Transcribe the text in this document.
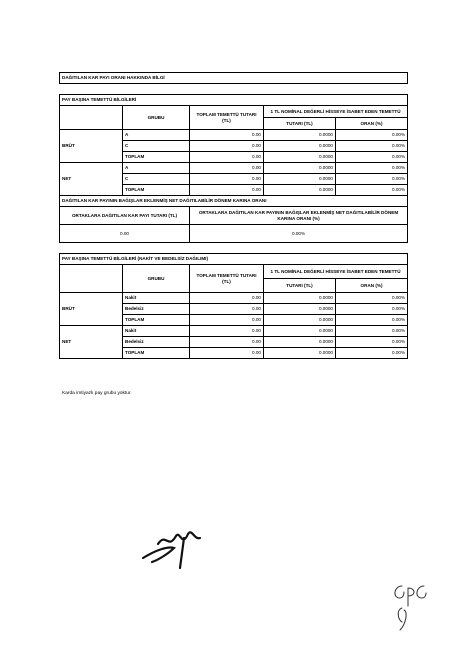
DAĞITILAN KAR PAYI ORANI HAKKINDA BİLGİ				

PAY BAŞINA TEMETTÜ BİLGİLERİ				
	GRUBU	TOPLAM TEMETTÜ TUTARI (TL)	1 TL NOMİNAL DEĞERLİ HİSSEYE İSABET EDEN TEMETTÜ	
			TUTARI (TL)	ORAN (%)
BRÜT	A	0.00	0.0000	0.00%
	C	0.00	0.0000	0.00%
	TOPLAM	0.00	0.0000	0.00%
NET	A	0.00	0.0000	0.00%
	C	0.00	0.0000	0.00%
	TOPLAM	0.00	0.0000	0.00%
DAĞITILAN KAR PAYININ BAĞIŞLAR EKLENMİŞ NET DAĞITILABİLİR DÖNEM KARINA ORANI				
ORTAKLARA DAĞITILAN KAR PAYI TUTARI (TL)		ORTAKLARA DAĞITILAN KAR PAYININ BAĞIŞLAR EKLENMİŞ NET DAĞITILABİLİR DÖNEM KARINA ORANI (%)		
0.00		0.00%		
PAY BAŞINA TEMETTÜ BİLGİLERİ (NAKİT VE BEDELSİZ DAĞILIMI)				
	GRUBU	TOPLAM TEMETTÜ TUTARI (TL)	1 TL NOMİNAL DEĞERLİ HİSSEYE İSABET EDEN TEMETTÜ	
			TUTARI (TL)	ORAN (%)
BRÜT	Nakit	0.00	0.0000	0.00%
	Bedelsiz	0.00	0.0000	0.00%
	TOPLAM	0.00	0.0000	0.00%
NET	Nakit	0.00	0.0000	0.00%
	Bedelsiz	0.00	0.0000	0.00%
	TOPLAM	0.00	0.0000	0.00%
Karda imtiyazlı pay grubu yoktur.
